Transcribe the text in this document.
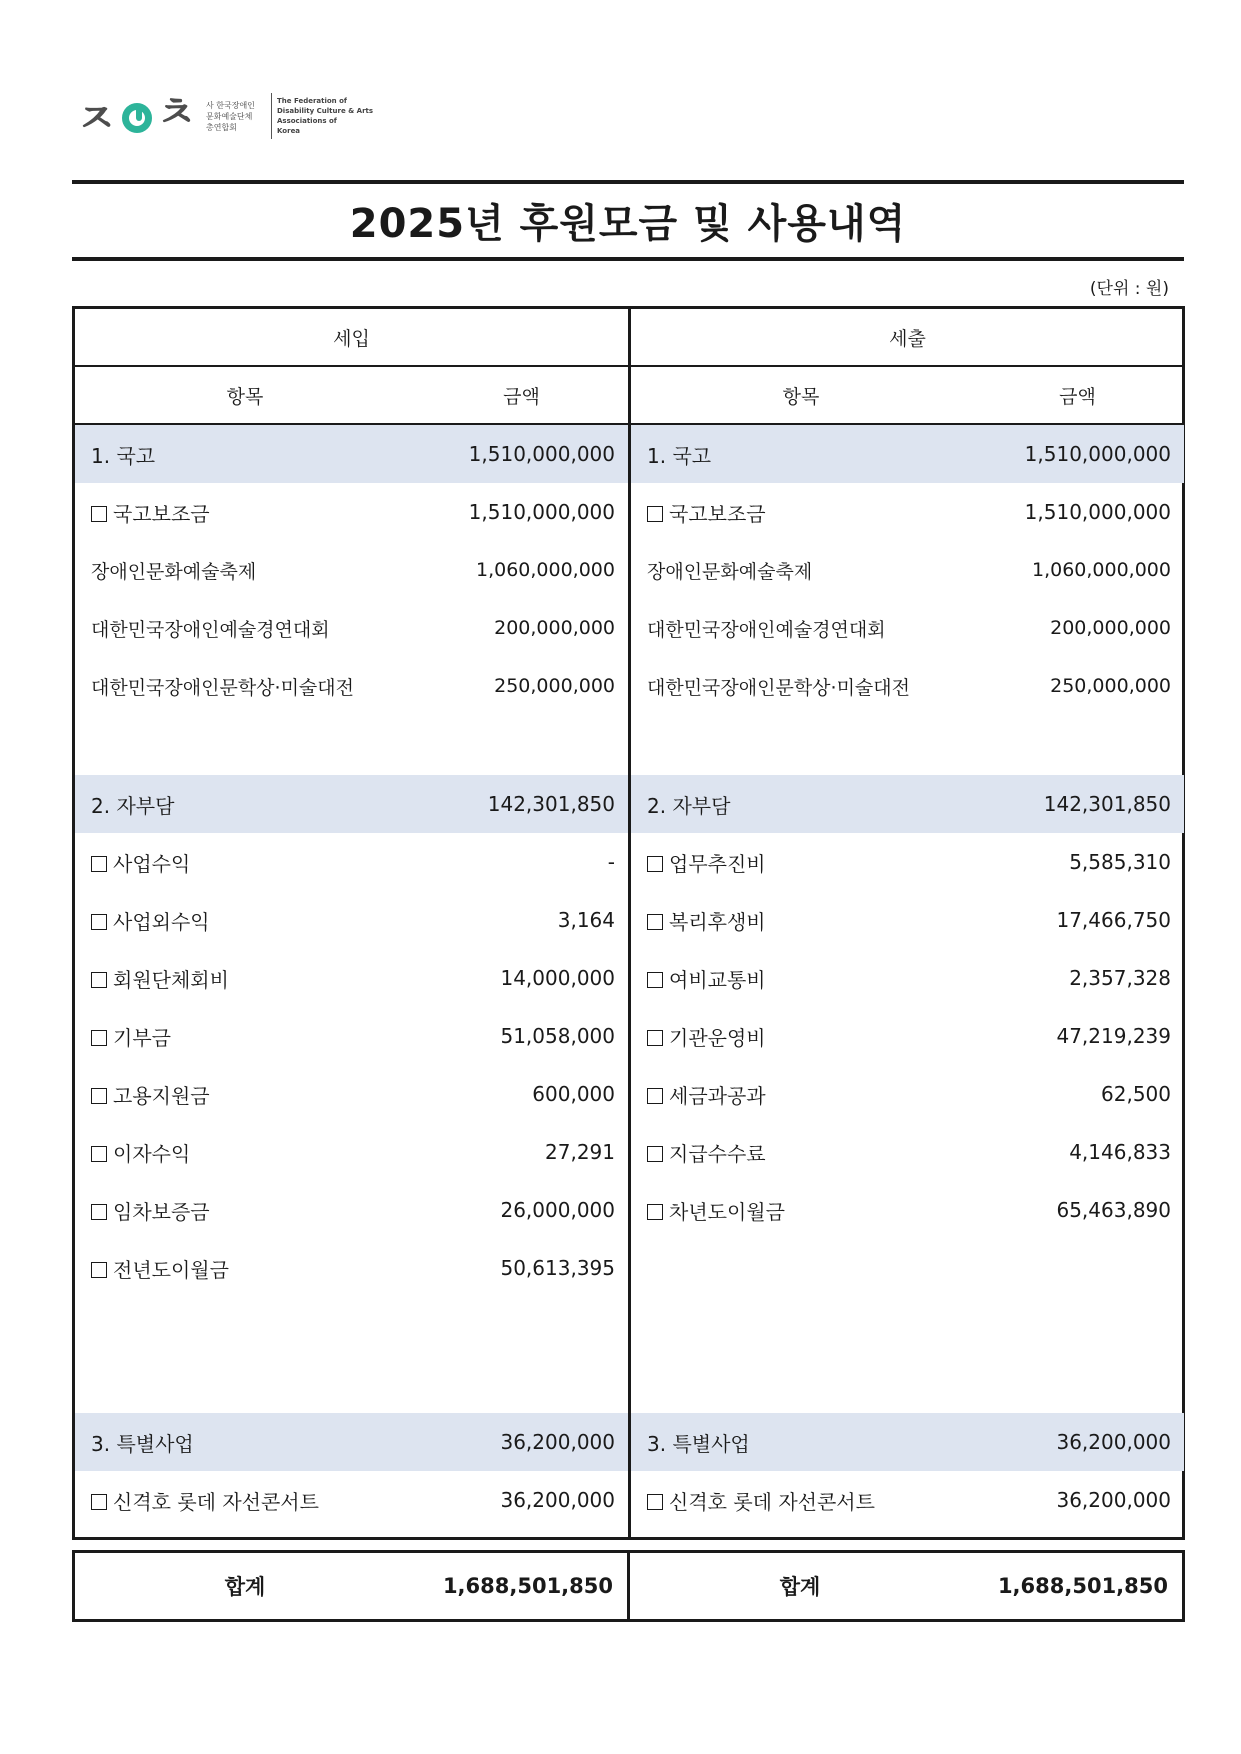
ㅈ ㅊ 사 한국장애인
문화예술단체
총연합회
The Federation of
Disability Culture & Arts
Associations of
Korea
2025년 후원모금 및 사용내역
(단위 : 원)
세입
항목	금액
1. 국고	1,510,000,000
국고보조금	1,510,000,000
장애인문화예술축제	1,060,000,000
대한민국장애인예술경연대회	200,000,000
대한민국장애인문학상·미술대전	250,000,000
2. 자부담	142,301,850
사업수익	-
사업외수익	3,164
회원단체회비	14,000,000
기부금	51,058,000
고용지원금	600,000
이자수익	27,291
임차보증금	26,000,000
전년도이월금	50,613,395
3. 특별사업	36,200,000
신격호 롯데 자선콘서트	36,200,000
세출
항목	금액
1. 국고	1,510,000,000
국고보조금	1,510,000,000
장애인문화예술축제	1,060,000,000
대한민국장애인예술경연대회	200,000,000
대한민국장애인문학상·미술대전	250,000,000
2. 자부담	142,301,850
업무추진비	5,585,310
복리후생비	17,466,750
여비교통비	2,357,328
기관운영비	47,219,239
세금과공과	62,500
지급수수료	4,146,833
차년도이월금	65,463,890
3. 특별사업	36,200,000
신격호 롯데 자선콘서트	36,200,000
합계	1,688,501,850	합계	1,688,501,850
